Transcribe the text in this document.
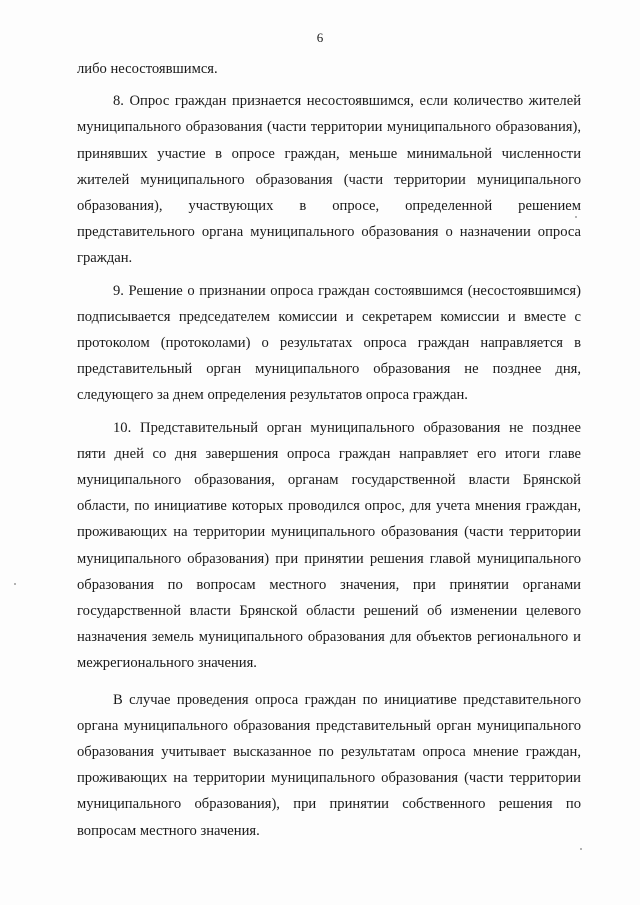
6

либо несостоявшимся.

8. Опрос граждан признается несостоявшимся, если количество жителей муниципального образования (части территории муниципального образования), принявших участие в опросе граждан, меньше минимальной численности жителей муниципального образования (части территории муниципального образования), участвующих в опросе, определенной решением представительного органа муниципального образования о назначении опроса граждан.

9. Решение о признании опроса граждан состоявшимся (несостоявшимся) подписывается председателем комиссии и секретарем комиссии и вместе с протоколом (протоколами) о результатах опроса граждан направляется в представительный орган муниципального образования не позднее дня, следующего за днем определения результатов опроса граждан.

10. Представительный орган муниципального образования не позднее пяти дней со дня завершения опроса граждан направляет его итоги главе муниципального образования, органам государственной власти Брянской области, по инициативе которых проводился опрос, для учета мнения граждан, проживающих на территории муниципального образования (части территории муниципального образования) при принятии решения главой муниципального образования по вопросам местного значения, при принятии органами государственной власти Брянской области решений об изменении целевого назначения земель муниципального образования для объектов регионального и межрегионального значения.

В случае проведения опроса граждан по инициативе представительного органа муниципального образования представительный орган муниципального образования учитывает высказанное по результатам опроса мнение граждан, проживающих на территории муниципального образования (части территории муниципального образования), при принятии собственного решения по вопросам местного значения.
